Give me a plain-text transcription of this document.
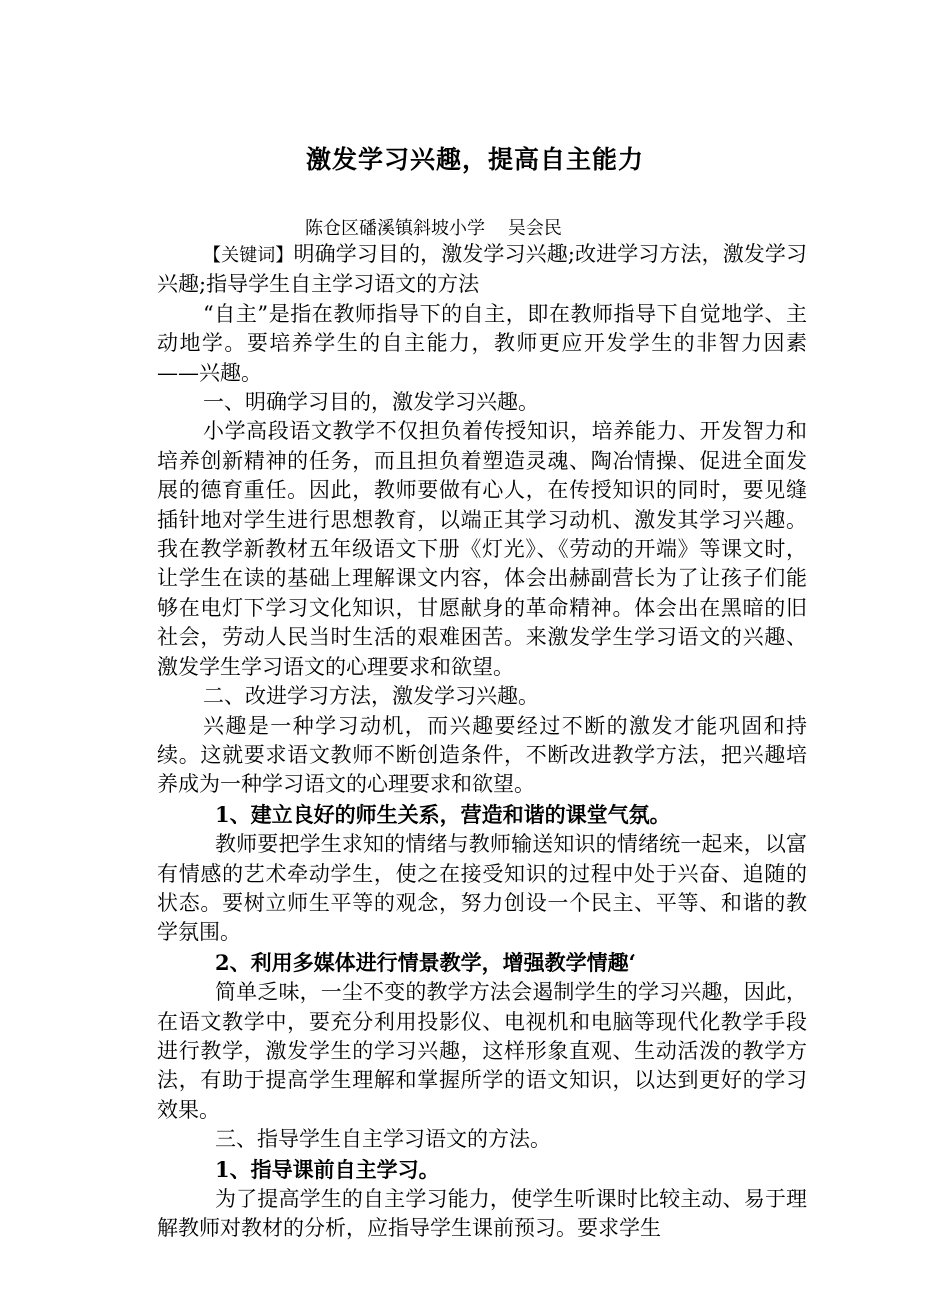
激发学习兴趣，提高自主能力
陈仓区磻溪镇斜坡小学    吴会民

【关键词】明确学习目的，激发学习兴趣;改进学习方法，激发学习兴趣;指导学生自主学习语文的方法

“自主”是指在教师指导下的自主，即在教师指导下自觉地学、主动地学。要培养学生的自主能力，教师更应开发学生的非智力因素——兴趣。

一、明确学习目的，激发学习兴趣。

小学高段语文教学不仅担负着传授知识，培养能力、开发智力和培养创新精神的任务，而且担负着塑造灵魂、陶冶情操、促进全面发展的德育重任。因此，教师要做有心人，在传授知识的同时，要见缝插针地对学生进行思想教育，以端正其学习动机、激发其学习兴趣。我在教学新教材五年级语文下册《灯光》、《劳动的开端》等课文时，让学生在读的基础上理解课文内容，体会出赫副营长为了让孩子们能够在电灯下学习文化知识，甘愿献身的革命精神。体会出在黑暗的旧社会，劳动人民当时生活的艰难困苦。来激发学生学习语文的兴趣、激发学生学习语文的心理要求和欲望。

二、改进学习方法，激发学习兴趣。

兴趣是一种学习动机，而兴趣要经过不断的激发才能巩固和持续。这就要求语文教师不断创造条件，不断改进教学方法，把兴趣培养成为一种学习语文的心理要求和欲望。

1、建立良好的师生关系，营造和谐的课堂气氛。

教师要把学生求知的情绪与教师输送知识的情绪统一起来，以富有情感的艺术牵动学生，使之在接受知识的过程中处于兴奋、追随的状态。要树立师生平等的观念，努力创设一个民主、平等、和谐的教学氛围。

2、利用多媒体进行情景教学，增强教学情趣‘

简单乏味，一尘不变的教学方法会遏制学生的学习兴趣，因此，在语文教学中，要充分利用投影仪、电视机和电脑等现代化教学手段进行教学，激发学生的学习兴趣，这样形象直观、生动活泼的教学方法，有助于提高学生理解和掌握所学的语文知识，以达到更好的学习效果。

三、指导学生自主学习语文的方法。

1、指导课前自主学习。

为了提高学生的自主学习能力，使学生听课时比较主动、易于理解教师对教材的分析，应指导学生课前预习。要求学生
